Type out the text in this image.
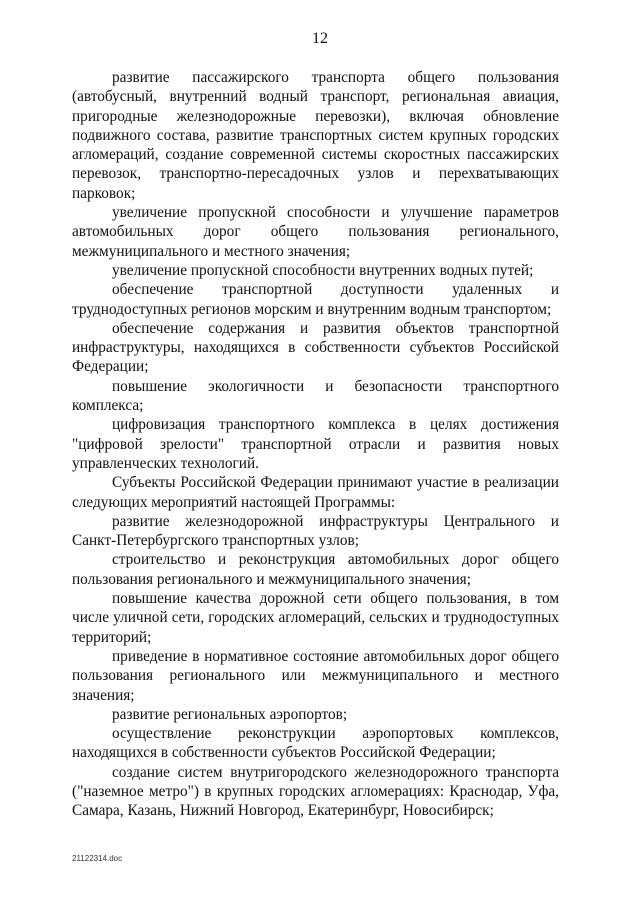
12

развитие пассажирского транспорта общего пользования (автобусный, внутренний водный транспорт, региональная авиация, пригородные железнодорожные перевозки), включая обновление подвижного состава, развитие транспортных систем крупных городских агломераций, создание современной системы скоростных пассажирских перевозок, транспортно-пересадочных узлов и перехватывающих парковок;

увеличение пропускной способности и улучшение параметров автомобильных дорог общего пользования регионального, межмуниципального и местного значения;

увеличение пропускной способности внутренних водных путей;

обеспечение транспортной доступности удаленных и труднодоступных регионов морским и внутренним водным транспортом;

обеспечение содержания и развития объектов транспортной инфраструктуры, находящихся в собственности субъектов Российской Федерации;

повышение экологичности и безопасности транспортного комплекса;

цифровизация транспортного комплекса в целях достижения "цифровой зрелости" транспортной отрасли и развития новых управленческих технологий.

Субъекты Российской Федерации принимают участие в реализации следующих мероприятий настоящей Программы:

развитие железнодорожной инфраструктуры Центрального и Санкт-Петербургского транспортных узлов;

строительство и реконструкция автомобильных дорог общего пользования регионального и межмуниципального значения;

повышение качества дорожной сети общего пользования, в том числе уличной сети, городских агломераций, сельских и труднодоступных территорий;

приведение в нормативное состояние автомобильных дорог общего пользования регионального или межмуниципального и местного значения;

развитие региональных аэропортов;

осуществление реконструкции аэропортовых комплексов, находящихся в собственности субъектов Российской Федерации;

создание систем внутригородского железнодорожного транспорта ("наземное метро") в крупных городских агломерациях: Краснодар, Уфа, Самара, Казань, Нижний Новгород, Екатеринбург, Новосибирск;

21122314.doc
